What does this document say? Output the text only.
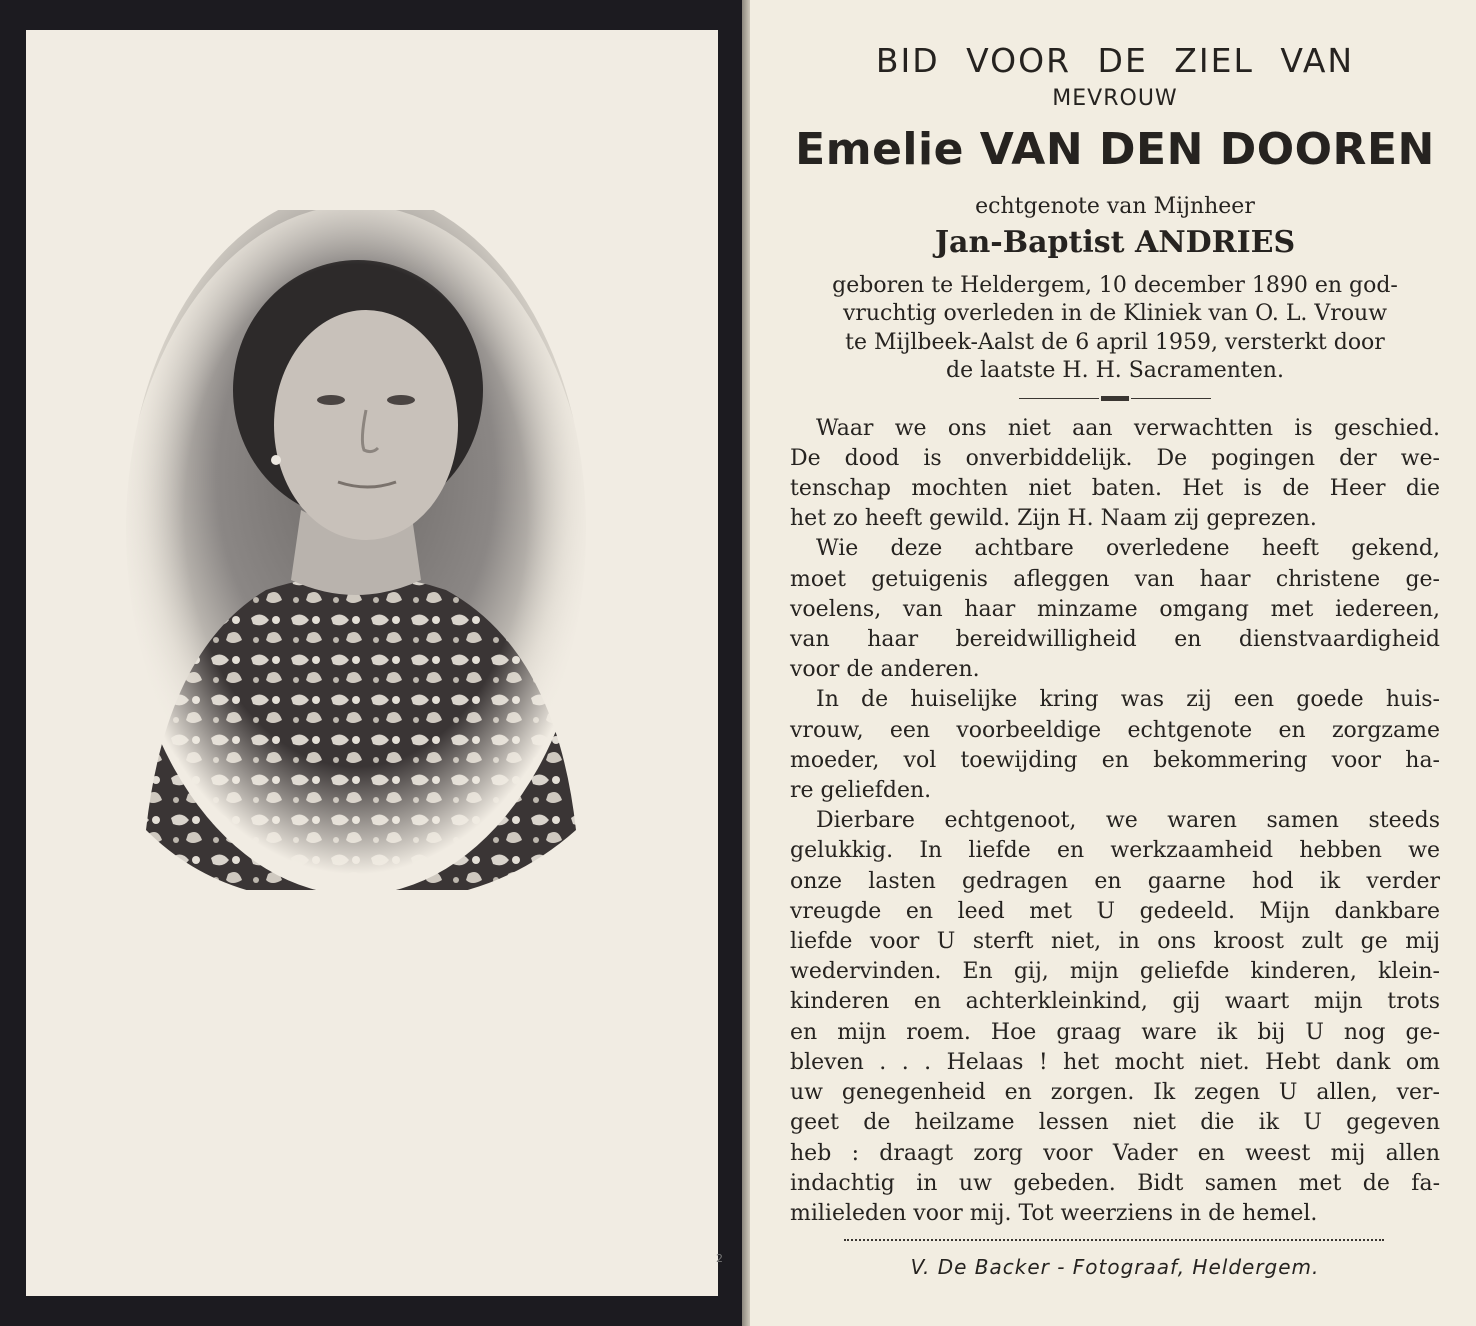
2

BID VOOR DE ZIEL VAN

MEVROUW

Emelie VAN DEN DOOREN

echtgenote van Mijnheer

Jan-Baptist ANDRIES

geboren te Heldergem, 10 december 1890 en god-
vruchtig overleden in de Kliniek van O. L. Vrouw
te Mijlbeek-Aalst de 6 april 1959, versterkt door
de laatste H. H. Sacramenten.

Waar we ons niet aan verwachtten is geschied.
De dood is onverbiddelijk. De pogingen der we-
tenschap mochten niet baten. Het is de Heer die
het zo heeft gewild. Zijn H. Naam zij geprezen.
Wie deze achtbare overledene heeft gekend,
moet getuigenis afleggen van haar christene ge-
voelens, van haar minzame omgang met iedereen,
van haar bereidwilligheid en dienstvaardigheid
voor de anderen.
In de huiselijke kring was zij een goede huis-
vrouw, een voorbeeldige echtgenote en zorgzame
moeder, vol toewijding en bekommering voor ha-
re geliefden.
Dierbare echtgenoot, we waren samen steeds
gelukkig. In liefde en werkzaamheid hebben we
onze lasten gedragen en gaarne hod ik verder
vreugde en leed met U gedeeld. Mijn dankbare
liefde voor U sterft niet, in ons kroost zult ge mij
wedervinden. En gij, mijn geliefde kinderen, klein-
kinderen en achterkleinkind, gij waart mijn trots
en mijn roem. Hoe graag ware ik bij U nog ge-
bleven . . . Helaas ! het mocht niet. Hebt dank om
uw genegenheid en zorgen. Ik zegen U allen, ver-
geet de heilzame lessen niet die ik U gegeven
heb : draagt zorg voor Vader en weest mij allen
indachtig in uw gebeden. Bidt samen met de fa-
milieleden voor mij. Tot weerziens in de hemel.
V. De Backer - Fotograaf, Heldergem.
